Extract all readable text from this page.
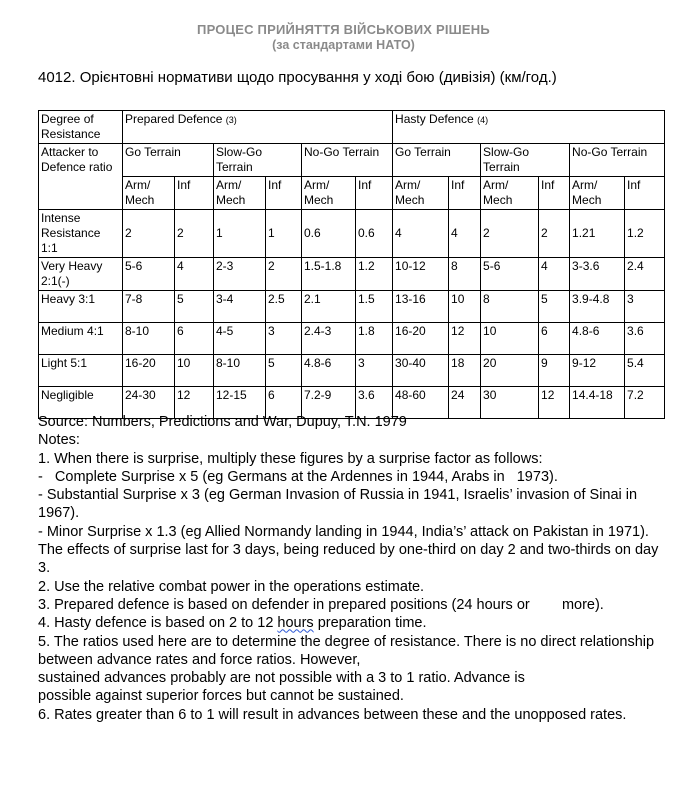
ПРОЦЕС ПРИЙНЯТТЯ ВІЙСЬКОВИХ РІШЕНЬ
(за стандартами НАТО)
4012. Орієнтовні нормативи щодо просування у ході бою (дивізія) (км/год.)
Degree of Resistance	Prepared Defence (3)						Hasty Defence (4)					
Attacker to Defence ratio	Go Terrain		Slow-Go Terrain		No-Go Terrain		Go Terrain		Slow-Go Terrain		No-Go Terrain	
	Arm/ Mech	Inf	Arm/ Mech	Inf	Arm/ Mech	Inf	Arm/ Mech	Inf	Arm/ Mech	Inf	Arm/ Mech	Inf
Intense Resistance 1:1	2	2	1	1	0.6	0.6	4	4	2	2	1.21	1.2
Very Heavy 2:1(-)	5-6	4	2-3	2	1.5-1.8	1.2	10-12	8	5-6	4	3-3.6	2.4
Heavy 3:1	7-8	5	3-4	2.5	2.1	1.5	13-16	10	8	5	3.9-4.8	3
Medium 4:1	8-10	6	4-5	3	2.4-3	1.8	16-20	12	10	6	4.8-6	3.6
Light 5:1	16-20	10	8-10	5	4.8-6	3	30-40	18	20	9	9-12	5.4
Negligible	24-30	12	12-15	6	7.2-9	3.6	48-60	24	30	12	14.4-18	7.2

Source: Numbers, Predictions and War, Dupuy, T.N. 1979

Notes:

1. When there is surprise, multiply these figures by a surprise factor as follows:

-   Complete Surprise x 5 (eg Germans at the Ardennes in 1944, Arabs in   1973).

- Substantial Surprise x 3 (eg German Invasion of Russia in 1941, Israelis’ invasion of Sinai in 1967).

- Minor Surprise x 1.3 (eg Allied Normandy landing in 1944, India’s’ attack on Pakistan in 1971).

The effects of surprise last for 3 days, being reduced by one-third on day 2 and two-thirds on day 3.

2. Use the relative combat power in the operations estimate.

3. Prepared defence is based on defender in prepared positions (24 hours or        more).

4. Hasty defence is based on 2 to 12 hours preparation time.

5. The ratios used here are to determine the degree of resistance. There is no direct relationship between advance rates and force ratios. However,

sustained advances probably are not possible with a 3 to 1 ratio. Advance is

possible against superior forces but cannot be sustained.

6. Rates greater than 6 to 1 will result in advances between these and the unopposed rates.
